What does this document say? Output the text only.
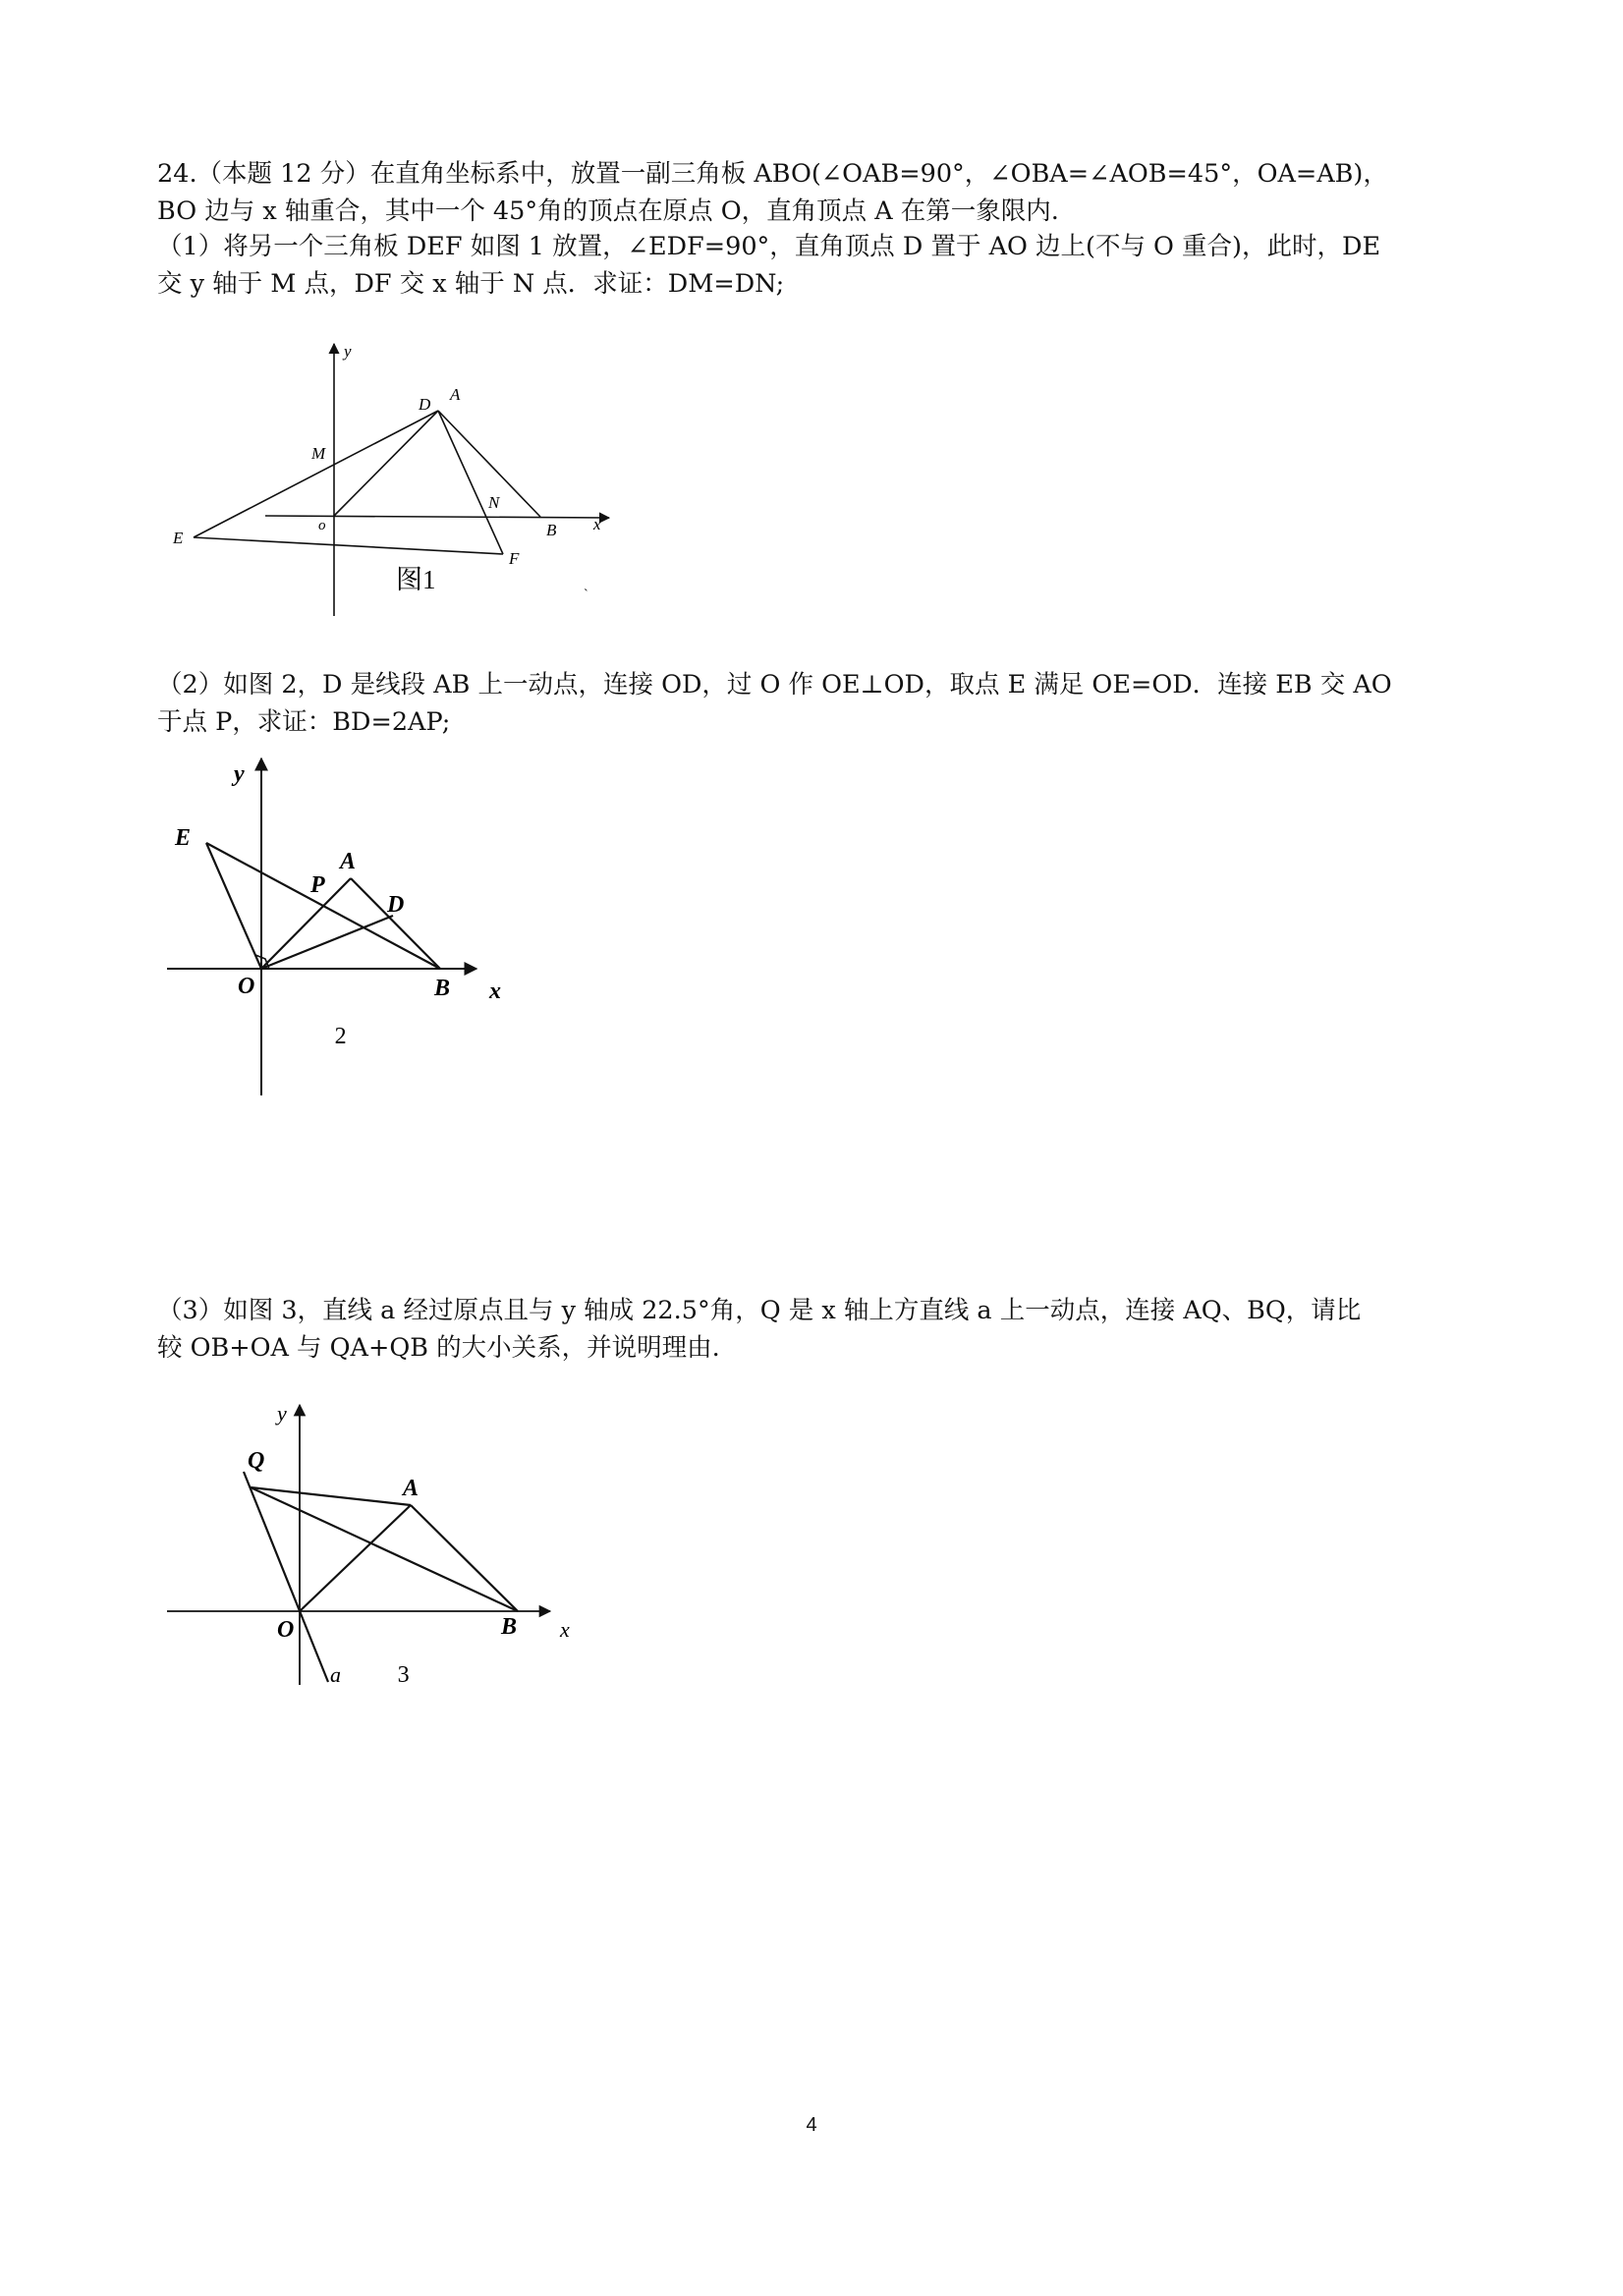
24.（本题 12 分）在直角坐标系中，放置一副三角板 ABO(∠OAB=90°，∠OBA=∠AOB=45°，OA=AB)，
BO 边与 x 轴重合，其中一个 45°角的顶点在原点 O，直角顶点 A 在第一象限内.
（1）将另一个三角板 DEF 如图 1 放置，∠EDF=90°，直角顶点 D 置于 AO 边上(不与 O 重合)，此时，DE
交 y 轴于 M 点，DF 交 x 轴于 N 点．求证：DM=DN;
y
x
D
A
M
N
E
o	B
F
图1
`
（2）如图 2，D 是线段 AB 上一动点，连接 OD，过 O 作 OE⊥OD，取点 E 满足 OE=OD．连接 EB 交 AO
于点 P，求证：BD=2AP;
y
x
E
A
P
D
O	B
􀀀2
（3）如图 3，直线 a 经过原点且与 y 轴成 22.5°角，Q 是 x 轴上方直线 a 上一动点，连接 AQ、BQ，请比
较 OB+OA 与 QA+QB 的大小关系，并说明理由.
y
x
Q
A
O	B
a 􀀀3
4
